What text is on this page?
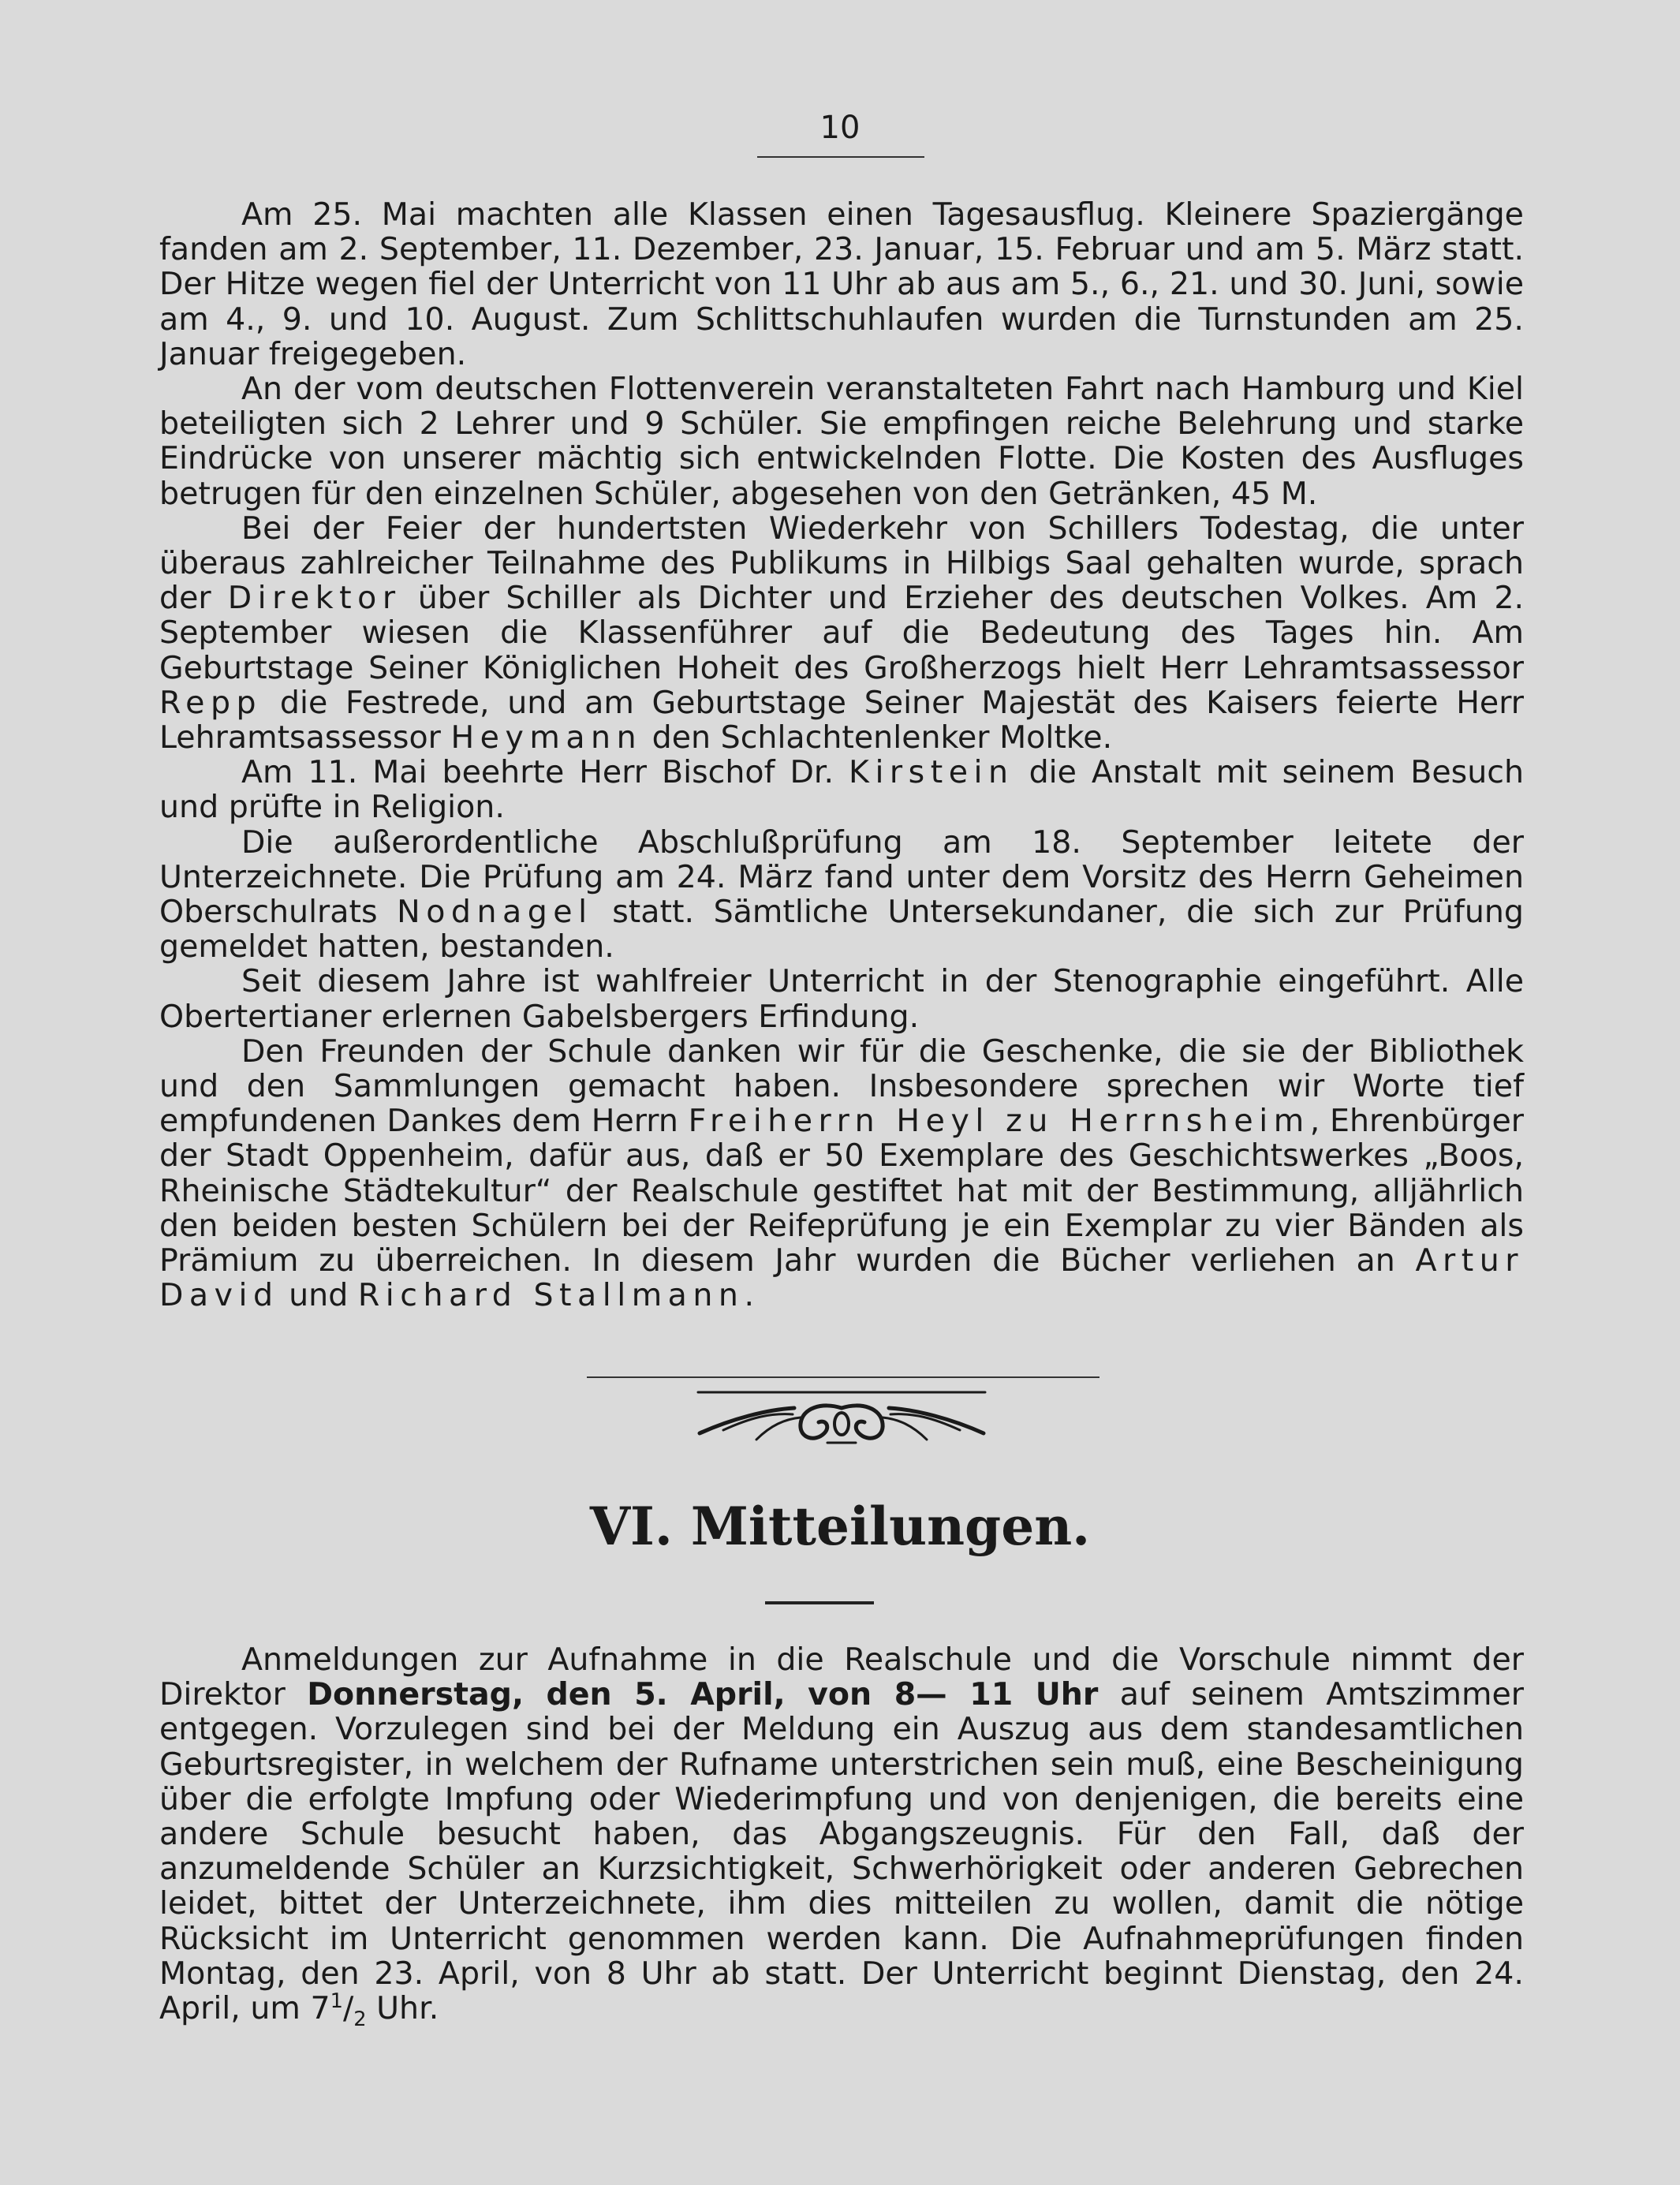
10

Am 25. Mai machten alle Klassen einen Tagesausflug. Kleinere Spaziergänge fanden am 2. September, 11. Dezember, 23. Januar, 15. Februar und am 5. März statt. Der Hitze wegen fiel der Unterricht von 11 Uhr ab aus am 5., 6., 21. und 30. Juni, sowie am 4., 9. und 10. August. Zum Schlittschuhlaufen wurden die Turnstunden am 25. Januar freigegeben.

An der vom deutschen Flottenverein veranstalteten Fahrt nach Hamburg und Kiel beteiligten sich 2 Lehrer und 9 Schüler. Sie empfingen reiche Belehrung und starke Eindrücke von unserer mächtig sich entwickelnden Flotte. Die Kosten des Ausfluges betrugen für den einzelnen Schüler, abgesehen von den Getränken, 45 M.

Bei der Feier der hundertsten Wiederkehr von Schillers Todestag, die unter überaus zahlreicher Teilnahme des Publikums in Hilbigs Saal gehalten wurde, sprach der Direktor über Schiller als Dichter und Erzieher des deutschen Volkes. Am 2. September wiesen die Klassenführer auf die Bedeutung des Tages hin. Am Geburtstage Seiner Königlichen Hoheit des Großherzogs hielt Herr Lehramtsassessor Repp die Festrede, und am Geburtstage Seiner Majestät des Kaisers feierte Herr Lehramtsassessor Heymann den Schlachtenlenker Moltke.

Am 11. Mai beehrte Herr Bischof Dr. Kirstein die Anstalt mit seinem Besuch und prüfte in Religion.

Die außerordentliche Abschlußprüfung am 18. September leitete der Unterzeichnete. Die Prüfung am 24. März fand unter dem Vorsitz des Herrn Geheimen Oberschulrats Nodnagel statt. Sämtliche Untersekundaner, die sich zur Prüfung gemeldet hatten, bestanden.

Seit diesem Jahre ist wahlfreier Unterricht in der Stenographie eingeführt. Alle Obertertianer erlernen Gabelsbergers Erfindung.

Den Freunden der Schule danken wir für die Geschenke, die sie der Bibliothek und den Sammlungen gemacht haben. Insbesondere sprechen wir Worte tief empfundenen Dankes dem Herrn Freiherrn Heyl zu Herrnsheim, Ehrenbürger der Stadt Oppenheim, dafür aus, daß er 50 Exemplare des Geschichtswerkes „Boos, Rheinische Städtekultur“ der Realschule gestiftet hat mit der Bestimmung, alljährlich den beiden besten Schülern bei der Reifeprüfung je ein Exemplar zu vier Bänden als Prämium zu überreichen. In diesem Jahr wurden die Bücher verliehen an Artur David und Richard Stallmann.

VI. Mitteilungen.

Anmeldungen zur Aufnahme in die Realschule und die Vorschule nimmt der Direktor Donnerstag, den 5. April, von 8— 11 Uhr auf seinem Amtszimmer entgegen. Vorzulegen sind bei der Meldung ein Auszug aus dem standesamtlichen Geburtsregister, in welchem der Rufname unterstrichen sein muß, eine Bescheinigung über die erfolgte Impfung oder Wiederimpfung und von denjenigen, die bereits eine andere Schule besucht haben, das Abgangszeugnis. Für den Fall, daß der anzumeldende Schüler an Kurzsichtigkeit, Schwerhörigkeit oder anderen Gebrechen leidet, bittet der Unterzeichnete, ihm dies mitteilen zu wollen, damit die nötige Rücksicht im Unterricht genommen werden kann. Die Aufnahmeprüfungen finden Montag, den 23. April, von 8 Uhr ab statt. Der Unterricht beginnt Dienstag, den 24. April, um $7^1/_2$ Uhr.
